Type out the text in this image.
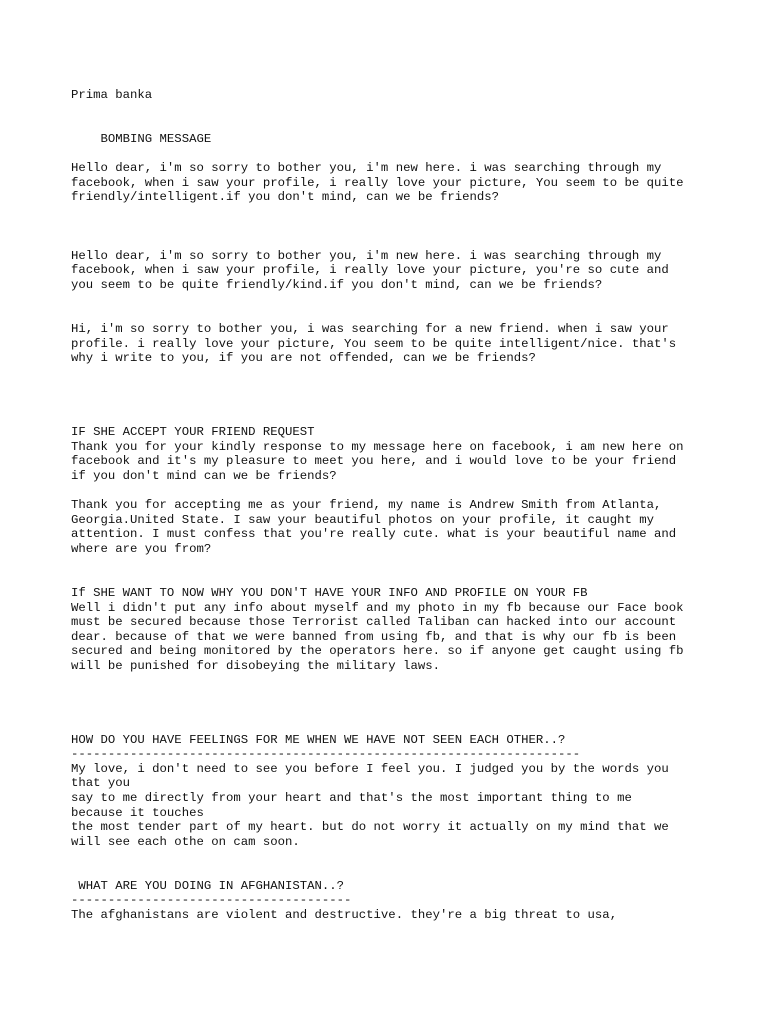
Prima banka
BOMBING MESSAGE
Hello dear, i'm so sorry to bother you, i'm new here. i was searching through my
facebook, when i saw your profile, i really love your picture, You seem to be quite
friendly/intelligent.if you don't mind, can we be friends?
Hello dear, i'm so sorry to bother you, i'm new here. i was searching through my
facebook, when i saw your profile, i really love your picture, you're so cute and
you seem to be quite friendly/kind.if you don't mind, can we be friends?
Hi, i'm so sorry to bother you, i was searching for a new friend. when i saw your
profile. i really love your picture, You seem to be quite intelligent/nice. that's
why i write to you, if you are not offended, can we be friends?
IF SHE ACCEPT YOUR FRIEND REQUEST
Thank you for your kindly response to my message here on facebook, i am new here on
facebook and it's my pleasure to meet you here, and i would love to be your friend
if you don't mind can we be friends?
Thank you for accepting me as your friend, my name is Andrew Smith from Atlanta,
Georgia.United State. I saw your beautiful photos on your profile, it caught my
attention. I must confess that you're really cute. what is your beautiful name and
where are you from?
If SHE WANT TO NOW WHY YOU DON'T HAVE YOUR INFO AND PROFILE ON YOUR FB
Well i didn't put any info about myself and my photo in my fb because our Face book
must be secured because those Terrorist called Taliban can hacked into our account
dear. because of that we were banned from using fb, and that is why our fb is been
secured and being monitored by the operators here. so if anyone get caught using fb
will be punished for disobeying the military laws.
HOW DO YOU HAVE FEELINGS FOR ME WHEN WE HAVE NOT SEEN EACH OTHER..?
---------------------------------------------------------------------
My love, i don't need to see you before I feel you. I judged you by the words you
that you
say to me directly from your heart and that's the most important thing to me
because it touches
the most tender part of my heart. but do not worry it actually on my mind that we
will see each othe on cam soon.
WHAT ARE YOU DOING IN AFGHANISTAN..?
--------------------------------------
The afghanistans are violent and destructive. they're a big threat to usa,
